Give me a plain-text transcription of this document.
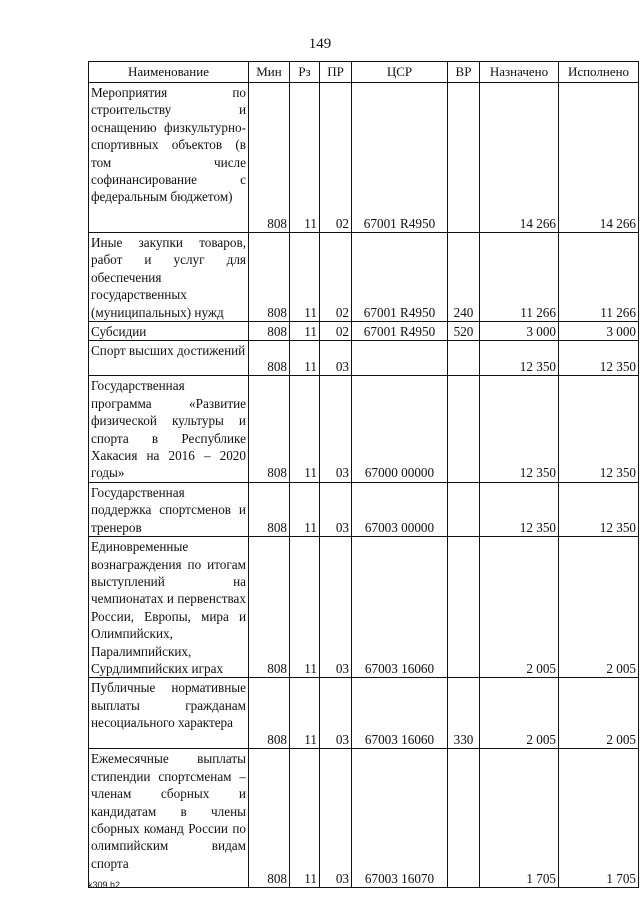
149
Наименование	Мин	Рз	ПР	ЦСР	ВР	Назначено	Исполнено
Мероприятия по строительству и оснащению физкультурно-спортивных объектов (в том числе софинансирование с федеральным бюджетом)	808	11	02	67001 R4950		14 266	14 266
Иные закупки товаров, работ и услуг для обеспечения государственных (муниципальных) нужд	808	11	02	67001 R4950	240	11 266	11 266
Субсидии	808	11	02	67001 R4950	520	3 000	3 000
Спорт высших достижений	808	11	03			12 350	12 350
Государственная программа «Развитие физической культуры и спорта в Республике Хакасия на 2016 – 2020 годы»	808	11	03	67000 00000		12 350	12 350
Государственная поддержка спортсменов и тренеров	808	11	03	67003 00000		12 350	12 350
Единовременные вознаграждения по итогам выступлений на чемпионатах и первенствах России, Европы, мира и Олимпийских, Паралимпийских, Сурдлимпийских играх	808	11	03	67003 16060		2 005	2 005
Публичные нормативные выплаты гражданам несоциального характера	808	11	03	67003 16060	330	2 005	2 005
Ежемесячные выплаты стипендии спортсменам – членам сборных и кандидатам в члены сборных команд России по олимпийским видам спорта	808	11	03	67003 16070		1 705	1 705
k309.h2
